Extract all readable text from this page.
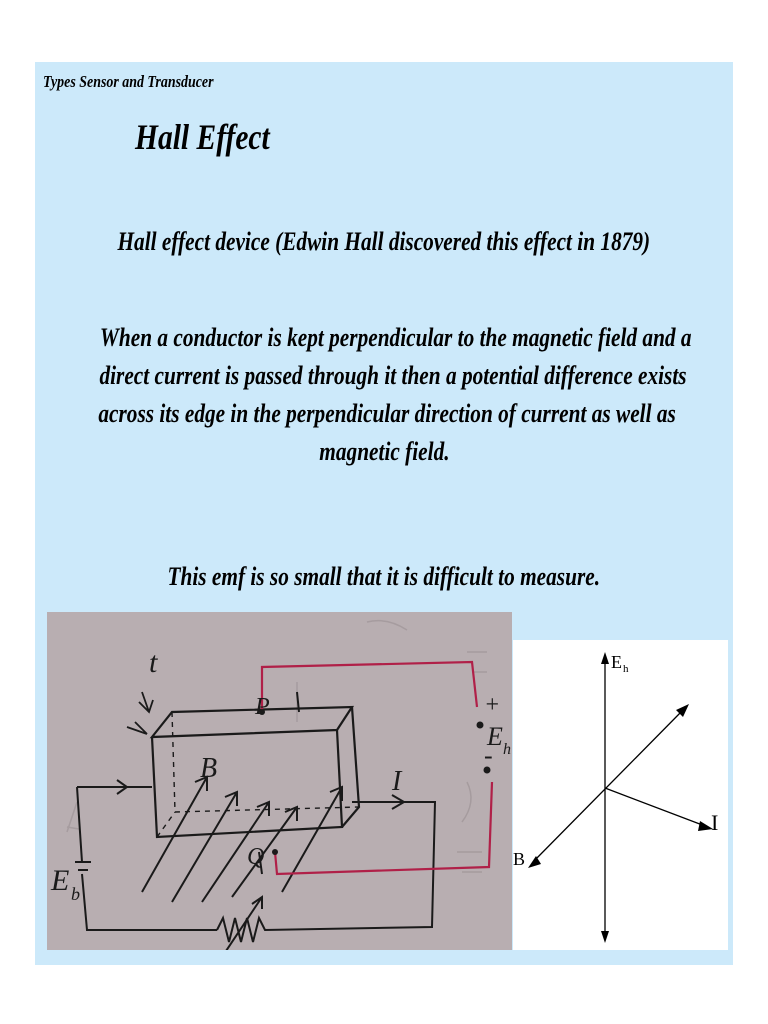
Types Sensor and Transducer
Hall Effect
Hall effect device (Edwin Hall discovered this effect in 1879)
When a conductor is kept perpendicular to the magnetic field and a
direct current is passed through it then a potential difference exists
across its edge in the perpendicular direction of current as well as
magnetic field.
This emf is so small that it is difficult to measure.
t
P
Q
B	I
+
-
E h
E b
E h
I
B
